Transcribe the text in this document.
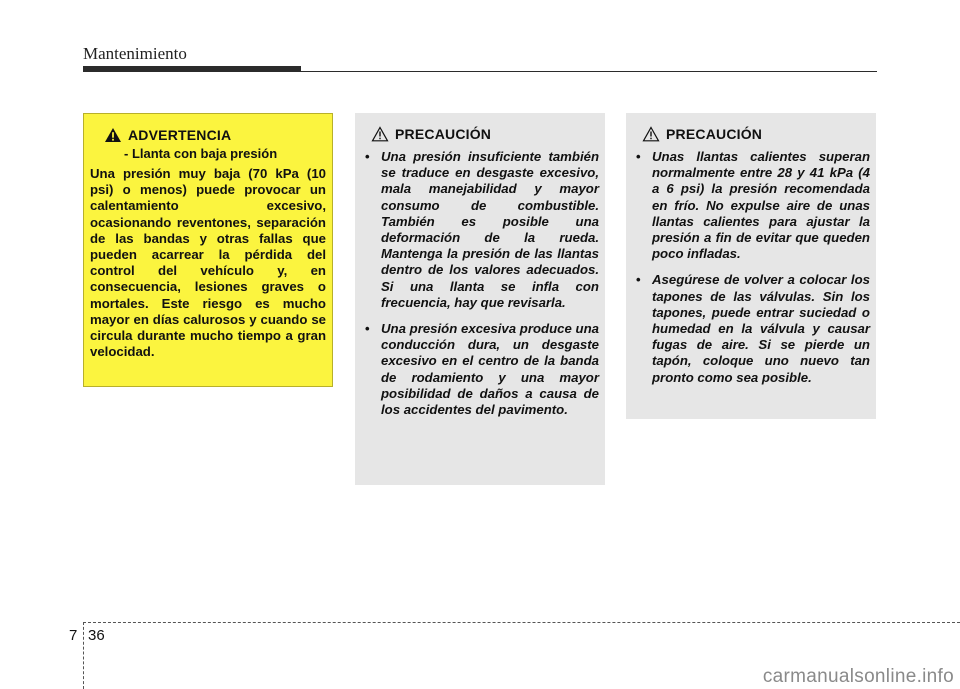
Mantenimiento
ADVERTENCIA
- Llanta con baja presión

Una presión muy baja (70 kPa (10 psi) o menos) puede provocar un calentamiento excesivo, ocasionando reventones, separación de las bandas y otras fallas que pueden acarrear la pérdida del control del vehículo y, en consecuencia, lesiones graves o mortales. Este riesgo es mucho mayor en días calurosos y cuando se circula durante mucho tiempo a gran velocidad.

PRECAUCIÓN
• Una presión insuficiente también se traduce en desgaste excesivo, mala manejabilidad y mayor consumo de combustible. También es posible una deformación de la rueda. Mantenga la presión de las llantas dentro de los valores adecuados. Si una llanta se infla con frecuencia, hay que revisarla.
• Una presión excesiva produce una conducción dura, un desgaste excesivo en el centro de la banda de rodamiento y una mayor posibilidad de daños a causa de los accidentes del pavimento.
PRECAUCIÓN
• Unas llantas calientes superan normalmente entre 28 y 41 kPa (4 a 6 psi) la presión recomendada en frío. No expulse aire de unas llantas calientes para ajustar la presión a fin de evitar que queden poco infladas.
• Asegúrese de volver a colocar los tapones de las válvulas. Sin los tapones, puede entrar suciedad o humedad en la válvula y causar fugas de aire. Si se pierde un tapón, coloque uno nuevo tan pronto como sea posible.
7 36
carmanualsonline.info
